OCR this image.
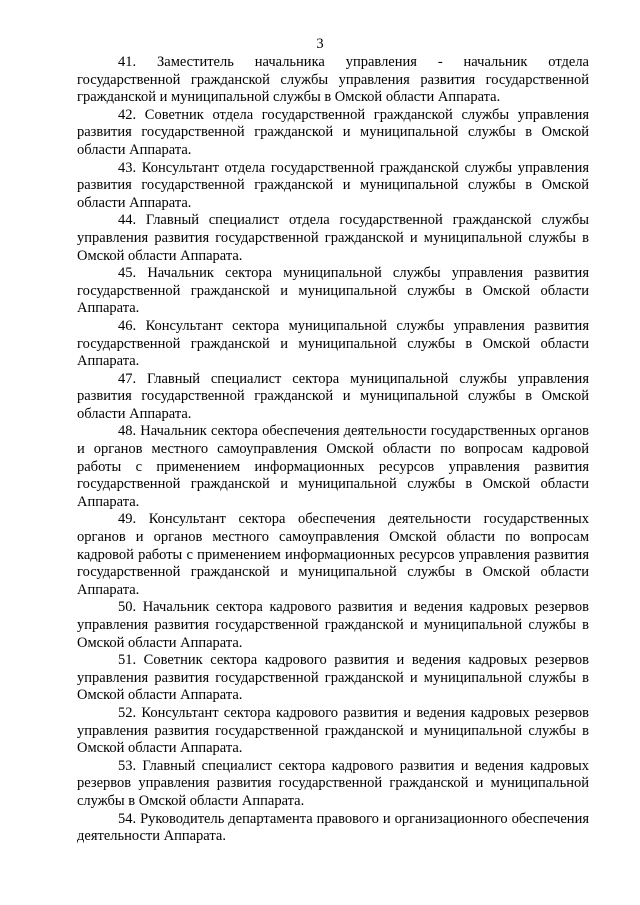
3

41. Заместитель начальника управления - начальник отдела государственной гражданской службы управления развития государственной гражданской и муниципальной службы в Омской области Аппарата.

42. Советник отдела государственной гражданской службы управления развития государственной гражданской и муниципальной службы в Омской области Аппарата.

43. Консультант отдела государственной гражданской службы управления развития государственной гражданской и муниципальной службы в Омской области Аппарата.

44. Главный специалист отдела государственной гражданской службы управления развития государственной гражданской и муниципальной службы в Омской области Аппарата.

45. Начальник сектора муниципальной службы управления развития государственной гражданской и муниципальной службы в Омской области Аппарата.

46. Консультант сектора муниципальной службы управления развития государственной гражданской и муниципальной службы в Омской области Аппарата.

47. Главный специалист сектора муниципальной службы управления развития государственной гражданской и муниципальной службы в Омской области Аппарата.

48. Начальник сектора обеспечения деятельности государственных органов и органов местного самоуправления Омской области по вопросам кадровой работы с применением информационных ресурсов управления развития государственной гражданской и муниципальной службы в Омской области Аппарата.

49. Консультант сектора обеспечения деятельности государственных органов и органов местного самоуправления Омской области по вопросам кадровой работы с применением информационных ресурсов управления развития государственной гражданской и муниципальной службы в Омской области Аппарата.

50. Начальник сектора кадрового развития и ведения кадровых резервов управления развития государственной гражданской и муниципальной службы в Омской области Аппарата.

51. Советник сектора кадрового развития и ведения кадровых резервов управления развития государственной гражданской и муниципальной службы в Омской области Аппарата.

52. Консультант сектора кадрового развития и ведения кадровых резервов управления развития государственной гражданской и муниципальной службы в Омской области Аппарата.

53. Главный специалист сектора кадрового развития и ведения кадровых резервов управления развития государственной гражданской и муниципальной службы в Омской области Аппарата.

54. Руководитель департамента правового и организационного обеспечения деятельности Аппарата.
